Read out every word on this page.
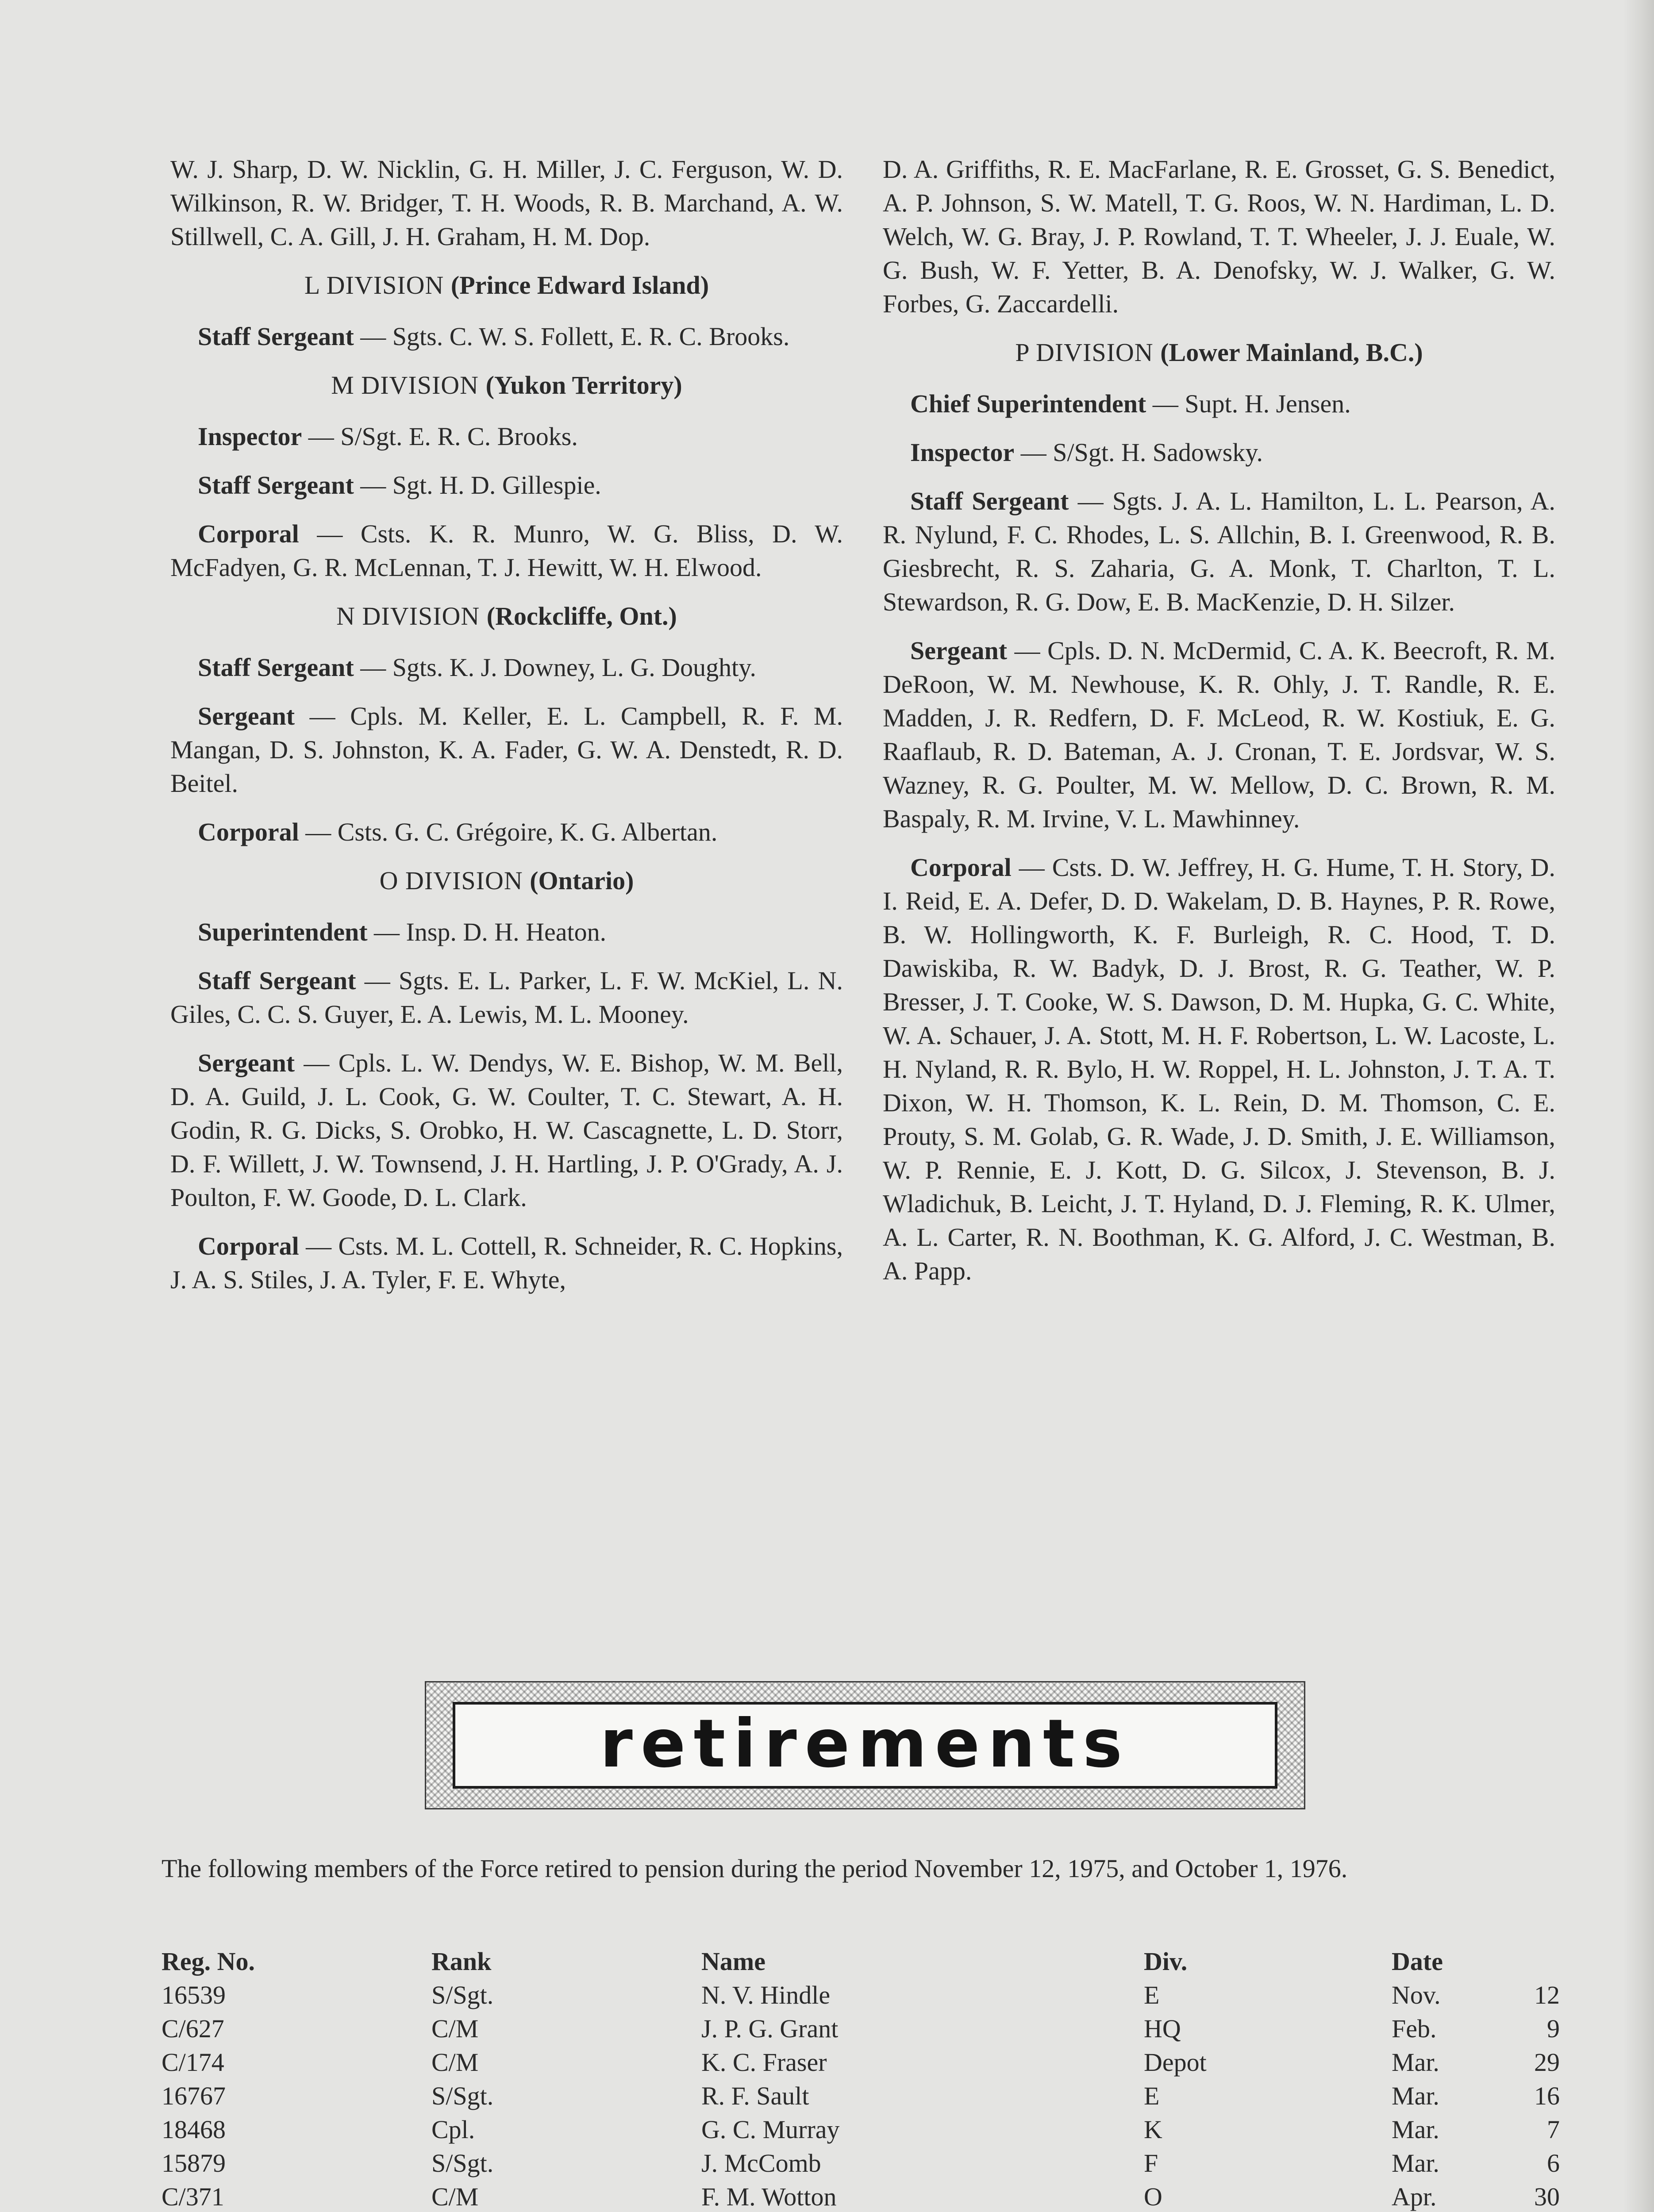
W. J. Sharp, D. W. Nicklin, G. H. Miller, J. C. Ferguson, W. D. Wilkinson, R. W. Bridger, T. H. Woods, R. B. Marchand, A. W. Stillwell, C. A. Gill, J. H. Graham, H. M. Dop.

L DIVISION (Prince Edward Island)

Staff Sergeant — Sgts. C. W. S. Follett, E. R. C. Brooks.

M DIVISION (Yukon Territory)

Inspector — S/Sgt. E. R. C. Brooks.

Staff Sergeant — Sgt. H. D. Gillespie.

Corporal — Csts. K. R. Munro, W. G. Bliss, D. W. McFadyen, G. R. McLennan, T. J. Hewitt, W. H. Elwood.

N DIVISION (Rockcliffe, Ont.)

Staff Sergeant — Sgts. K. J. Downey, L. G. Doughty.

Sergeant — Cpls. M. Keller, E. L. Campbell, R. F. M. Mangan, D. S. Johnston, K. A. Fader, G. W. A. Denstedt, R. D. Beitel.

Corporal — Csts. G. C. Grégoire, K. G. Albertan.

O DIVISION (Ontario)

Superintendent — Insp. D. H. Heaton.

Staff Sergeant — Sgts. E. L. Parker, L. F. W. McKiel, L. N. Giles, C. C. S. Guyer, E. A. Lewis, M. L. Mooney.

Sergeant — Cpls. L. W. Dendys, W. E. Bishop, W. M. Bell, D. A. Guild, J. L. Cook, G. W. Coulter, T. C. Stewart, A. H. Godin, R. G. Dicks, S. Orobko, H. W. Cascagnette, L. D. Storr, D. F. Willett, J. W. Townsend, J. H. Hartling, J. P. O'Grady, A. J. Poulton, F. W. Goode, D. L. Clark.

Corporal — Csts. M. L. Cottell, R. Schneider, R. C. Hopkins, J. A. S. Stiles, J. A. Tyler, F. E. Whyte,

D. A. Griffiths, R. E. MacFarlane, R. E. Grosset, G. S. Benedict, A. P. Johnson, S. W. Matell, T. G. Roos, W. N. Hardiman, L. D. Welch, W. G. Bray, J. P. Rowland, T. T. Wheeler, J. J. Euale, W. G. Bush, W. F. Yetter, B. A. Denofsky, W. J. Walker, G. W. Forbes, G. Zaccardelli.

P DIVISION (Lower Mainland, B.C.)

Chief Superintendent — Supt. H. Jensen.

Inspector — S/Sgt. H. Sadowsky.

Staff Sergeant — Sgts. J. A. L. Hamilton, L. L. Pearson, A. R. Nylund, F. C. Rhodes, L. S. Allchin, B. I. Greenwood, R. B. Giesbrecht, R. S. Zaharia, G. A. Monk, T. Charlton, T. L. Stewardson, R. G. Dow, E. B. MacKenzie, D. H. Silzer.

Sergeant — Cpls. D. N. McDermid, C. A. K. Beecroft, R. M. DeRoon, W. M. Newhouse, K. R. Ohly, J. T. Randle, R. E. Madden, J. R. Redfern, D. F. McLeod, R. W. Kostiuk, E. G. Raaflaub, R. D. Bateman, A. J. Cronan, T. E. Jordsvar, W. S. Wazney, R. G. Poulter, M. W. Mellow, D. C. Brown, R. M. Baspaly, R. M. Irvine, V. L. Mawhinney.

Corporal — Csts. D. W. Jeffrey, H. G. Hume, T. H. Story, D. I. Reid, E. A. Defer, D. D. Wakelam, D. B. Haynes, P. R. Rowe, B. W. Hollingworth, K. F. Burleigh, R. C. Hood, T. D. Dawiskiba, R. W. Badyk, D. J. Brost, R. G. Teather, W. P. Bresser, J. T. Cooke, W. S. Dawson, D. M. Hupka, G. C. White, W. A. Schauer, J. A. Stott, M. H. F. Robertson, L. W. Lacoste, L. H. Nyland, R. R. Bylo, H. W. Roppel, H. L. Johnston, J. T. A. T. Dixon, W. H. Thomson, K. L. Rein, D. M. Thomson, C. E. Prouty, S. M. Golab, G. R. Wade, J. D. Smith, J. E. Williamson, W. P. Rennie, E. J. Kott, D. G. Silcox, J. Stevenson, B. J. Wladichuk, B. Leicht, J. T. Hyland, D. J. Fleming, R. K. Ulmer, A. L. Carter, R. N. Boothman, K. G. Alford, J. C. Westman, B. A. Papp.

retirements
The following members of the Force retired to pension during the period November 12, 1975, and October 1, 1976.
Reg. No.	Rank	Name	Div.	Date	
16539	S/Sgt.	N. V. Hindle	E	Nov.	12
C/627	C/M	J. P. G. Grant	HQ	Feb.	9
C/174	C/M	K. C. Fraser	Depot	Mar.	29
16767	S/Sgt.	R. F. Sault	E	Mar.	16
18468	Cpl.	G. C. Murray	K	Mar.	7
15879	S/Sgt.	J. McComb	F	Mar.	6
C/371	C/M	F. M. Wotton	O	Apr.	30
